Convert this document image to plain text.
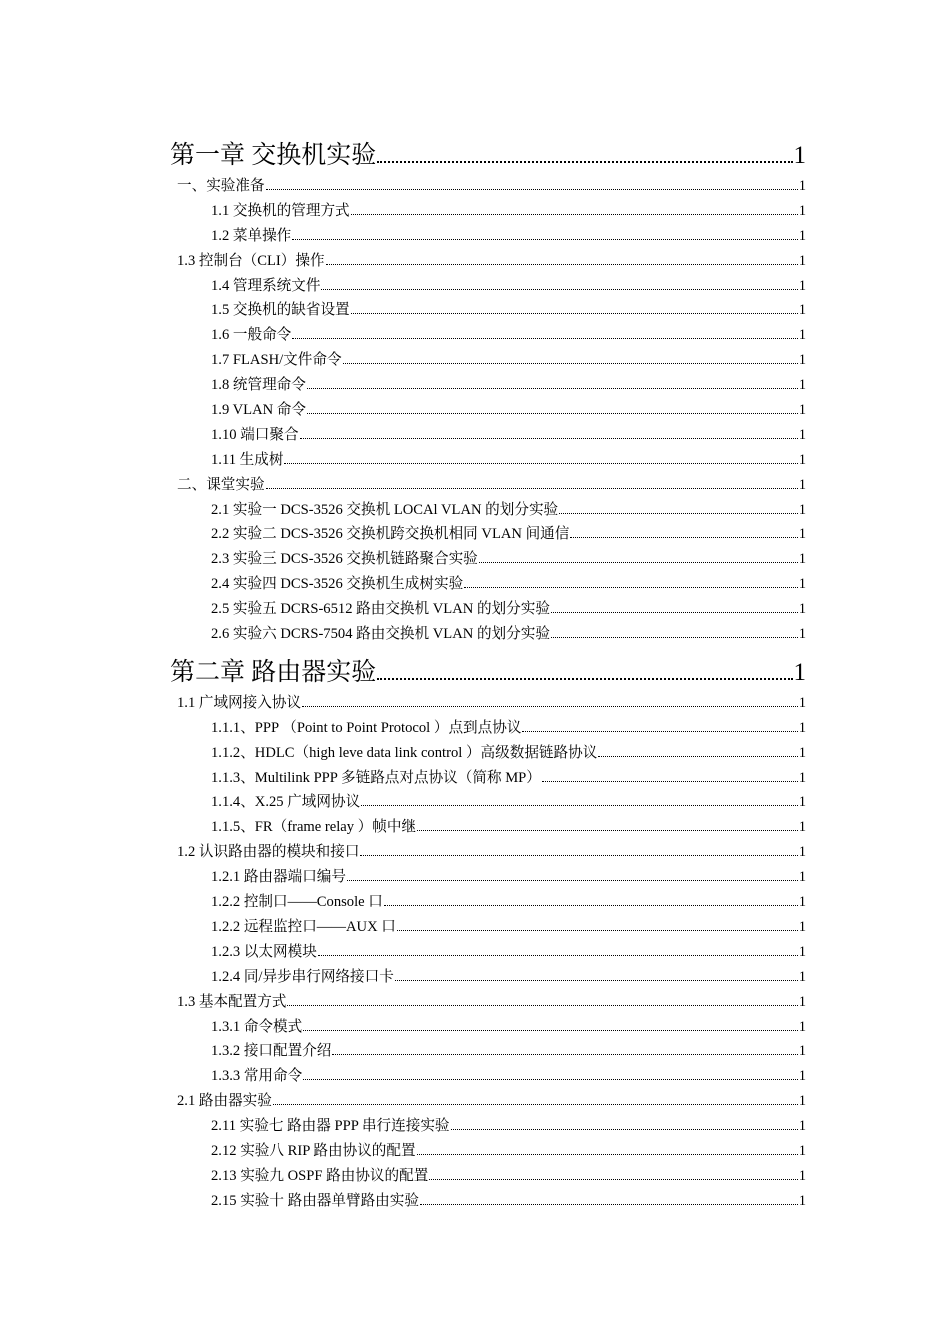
第一章 交换机实验	1
一、实验准备	1
1.1 交换机的管理方式	1
1.2 菜单操作	1
1.3 控制台（CLI）操作	1
1.4 管理系统文件	1
1.5 交换机的缺省设置	1
1.6 一般命令	1
1.7 FLASH/文件命令	1
1.8 统管理命令	1
1.9 VLAN 命令	1
1.10 端口聚合	1
1.11 生成树	1
二、课堂实验	1
2.1 实验一 DCS-3526 交换机 LOCAl VLAN 的划分实验	1
2.2 实验二 DCS-3526 交换机跨交换机相同 VLAN 间通信	1
2.3 实验三 DCS-3526 交换机链路聚合实验	1
2.4 实验四 DCS-3526 交换机生成树实验	1
2.5 实验五 DCRS-6512 路由交换机 VLAN 的划分实验	1
2.6 实验六 DCRS-7504 路由交换机 VLAN 的划分实验	1
第二章 路由器实验	1
1.1 广域网接入协议	1
1.1.1、PPP （Point to Point Protocol ）点到点协议	1
1.1.2、HDLC（high leve data link control ）高级数据链路协议	1
1.1.3、Multilink PPP 多链路点对点协议（简称 MP）	1
1.1.4、X.25 广域网协议	1
1.1.5、FR（frame relay ）帧中继	1
1.2 认识路由器的模块和接口	1
1.2.1 路由器端口编号	1
1.2.2 控制口——Console 口	1
1.2.2 远程监控口——AUX 口	1
1.2.3 以太网模块	1
1.2.4 同/异步串行网络接口卡	1
1.3 基本配置方式	1
1.3.1 命令模式	1
1.3.2 接口配置介绍	1
1.3.3 常用命令	1
2.1 路由器实验	1
2.11 实验七 路由器 PPP 串行连接实验	1
2.12 实验八 RIP 路由协议的配置	1
2.13 实验九 OSPF 路由协议的配置	1
2.15 实验十 路由器单臂路由实验	1
